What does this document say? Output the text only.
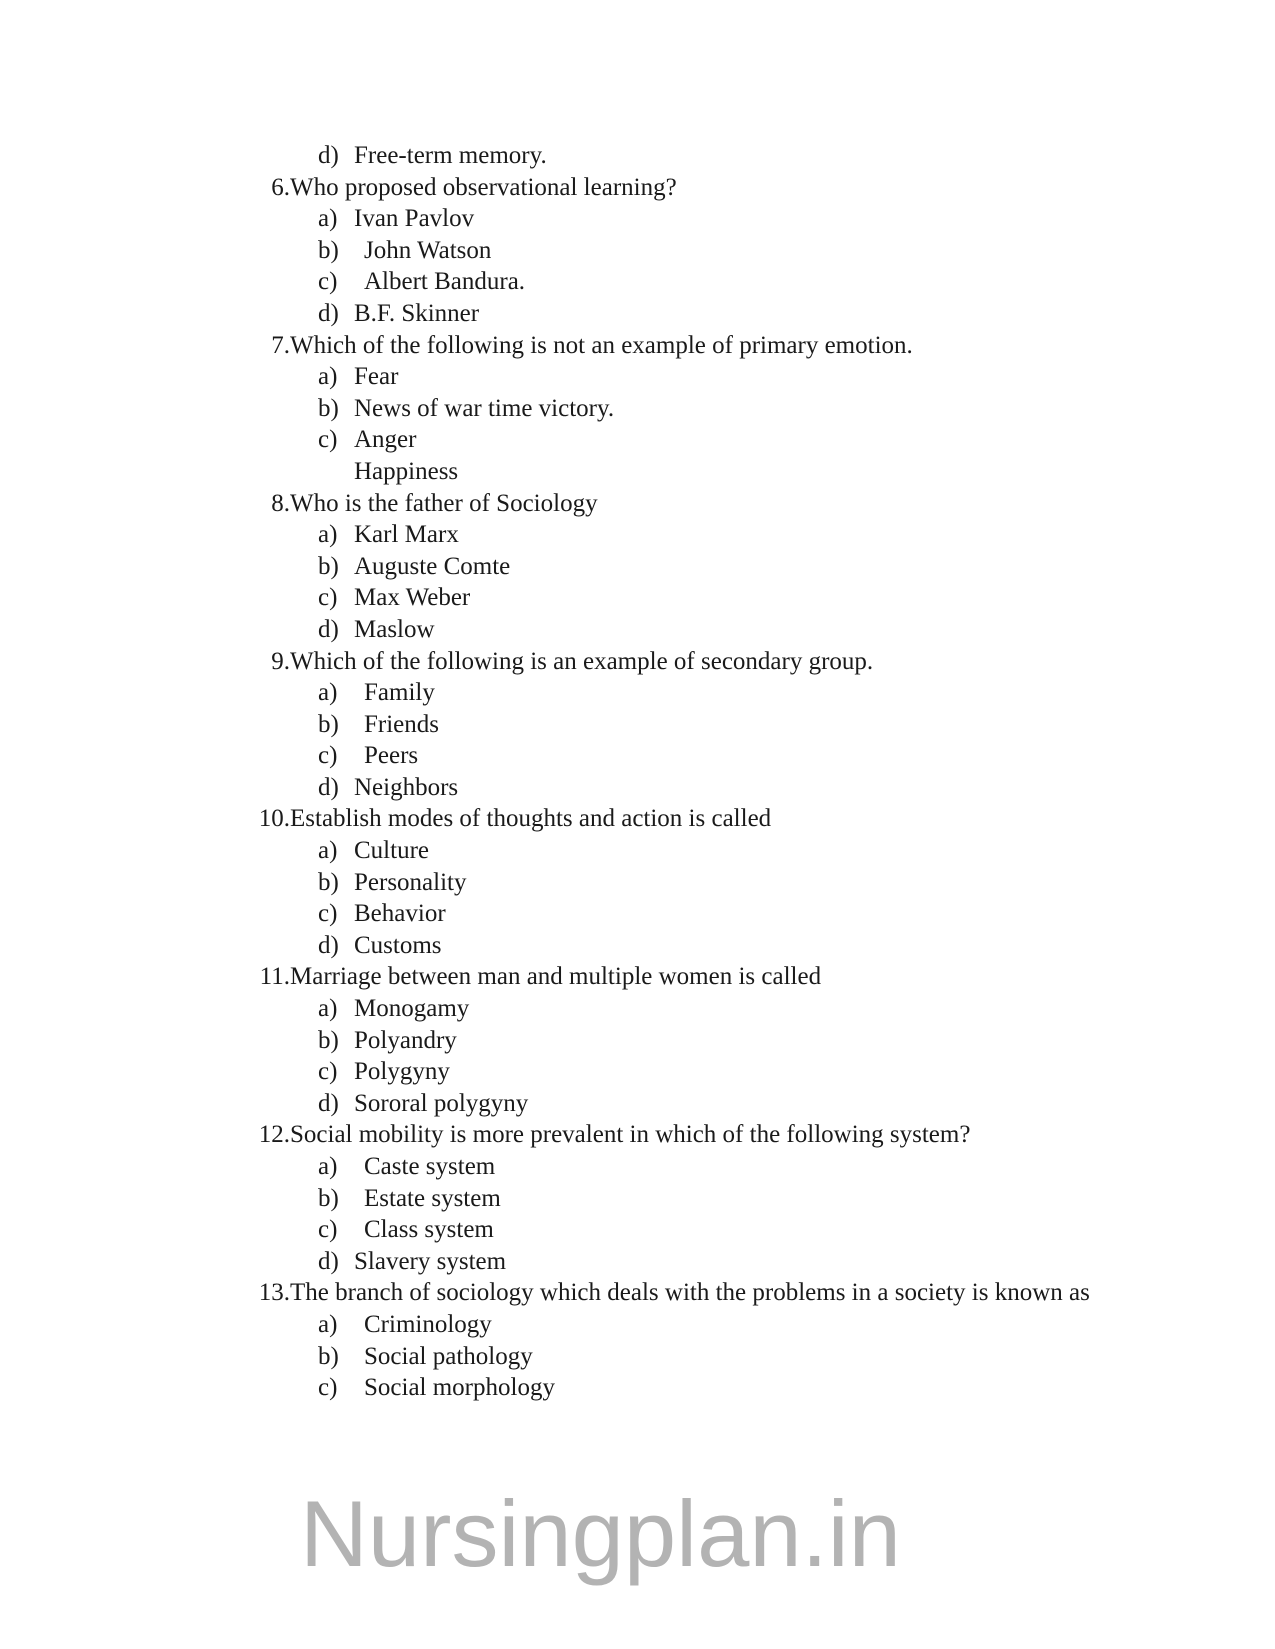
d) Free-term memory.
6. Who proposed observational learning?
a) Ivan Pavlov
b)	John Watson
c)	Albert Bandura.
d) B.F. Skinner
7. Which of the following is not an example of primary emotion.
a) Fear
b) News of war time victory.
c) Anger
Happiness
8. Who is the father of Sociology
a) Karl Marx
b) Auguste Comte
c) Max Weber
d) Maslow
9. Which of the following is an example of secondary group.
a)	Family
b)	Friends
c)	Peers
d) Neighbors
10. Establish modes of thoughts and action is called
a) Culture
b) Personality
c) Behavior
d) Customs
11. Marriage between man and multiple women is called
a) Monogamy
b) Polyandry
c) Polygyny
d) Sororal polygyny
12. Social mobility is more prevalent in which of the following system?
a)	Caste system
b)	Estate system
c)	Class system
d) Slavery system
13. The branch of sociology which deals with the problems in a society is known as
a)	Criminology
b)	Social pathology
c)	Social morphology
Nursingplan.in
